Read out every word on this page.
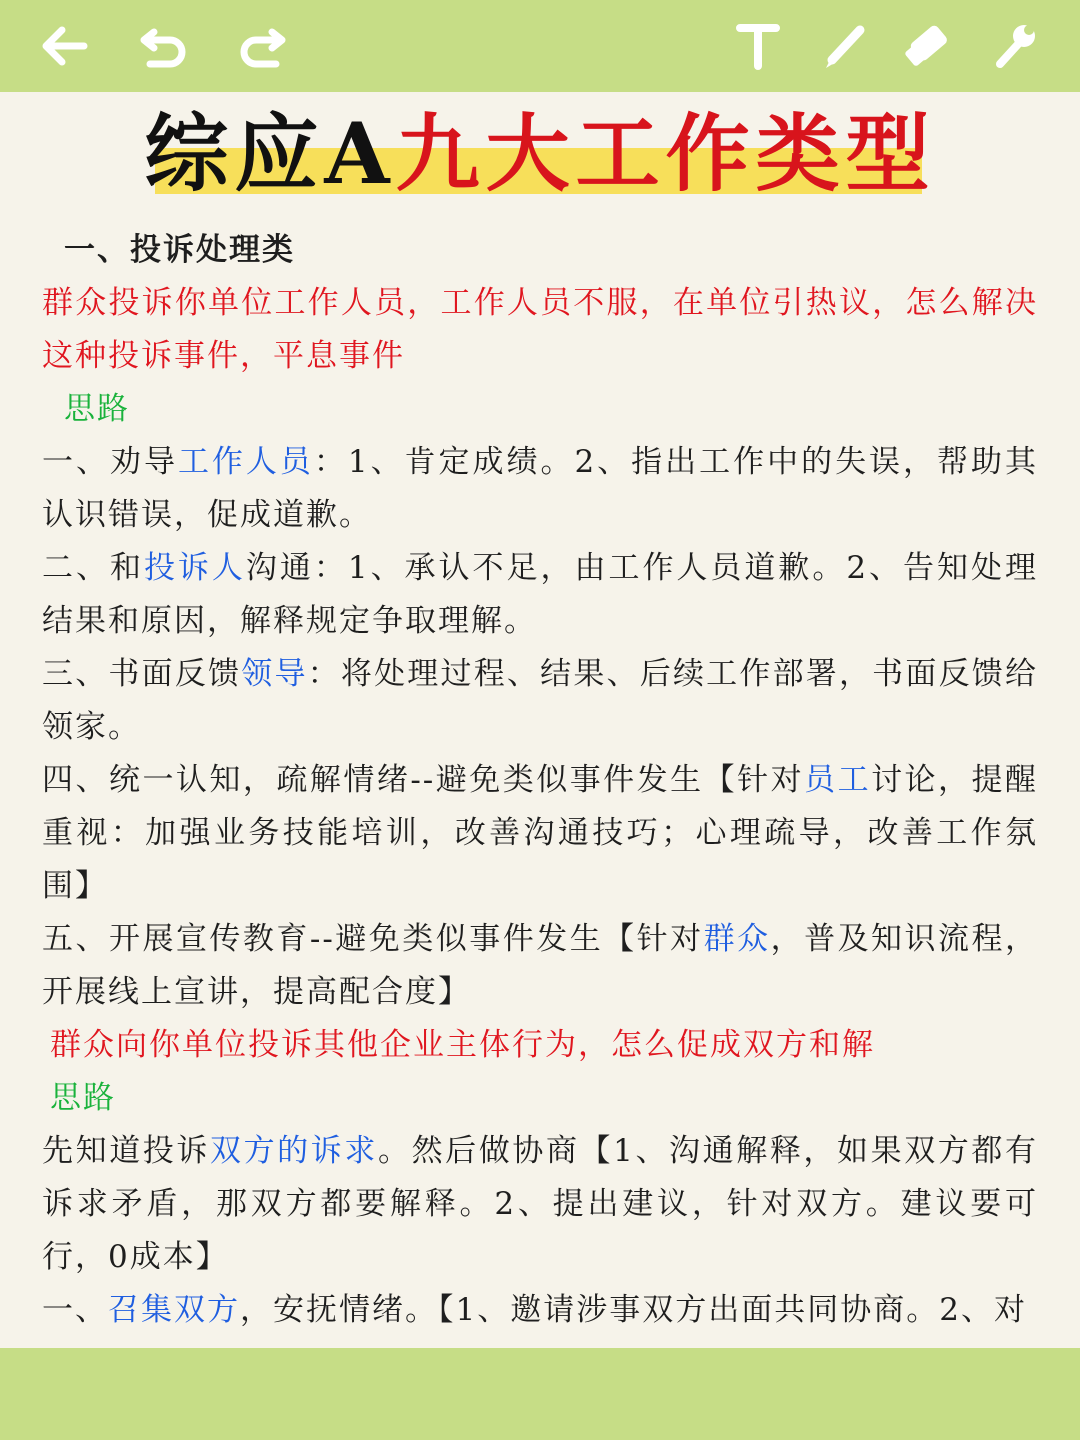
综应A九大工作类型

一、投诉处理类

群众投诉你单位工作人员，工作人员不服，在单位引热议，怎么解决这种投诉事件，平息事件

思路

一、劝导工作人员：1、肯定成绩。2、指出工作中的失误，帮助其认识错误，促成道歉。

二、和投诉人沟通：1、承认不足，由工作人员道歉。2、告知处理结果和原因，解释规定争取理解。

三、书面反馈领导：将处理过程、结果、后续工作部署，书面反馈给领家。

四、统一认知，疏解情绪--避免类似事件发生【针对员工讨论，提醒重视：加强业务技能培训，改善沟通技巧；心理疏导，改善工作氛围】

五、开展宣传教育--避免类似事件发生【针对群众，普及知识流程，开展线上宣讲，提高配合度】

群众向你单位投诉其他企业主体行为，怎么促成双方和解

思路

先知道投诉双方的诉求。然后做协商【1、沟通解释，如果双方都有诉求矛盾，那双方都要解释。2、提出建议，针对双方。建议要可行，0成本】

一、召集双方，安抚情绪。【1、邀请涉事双方出面共同协商。2、对
